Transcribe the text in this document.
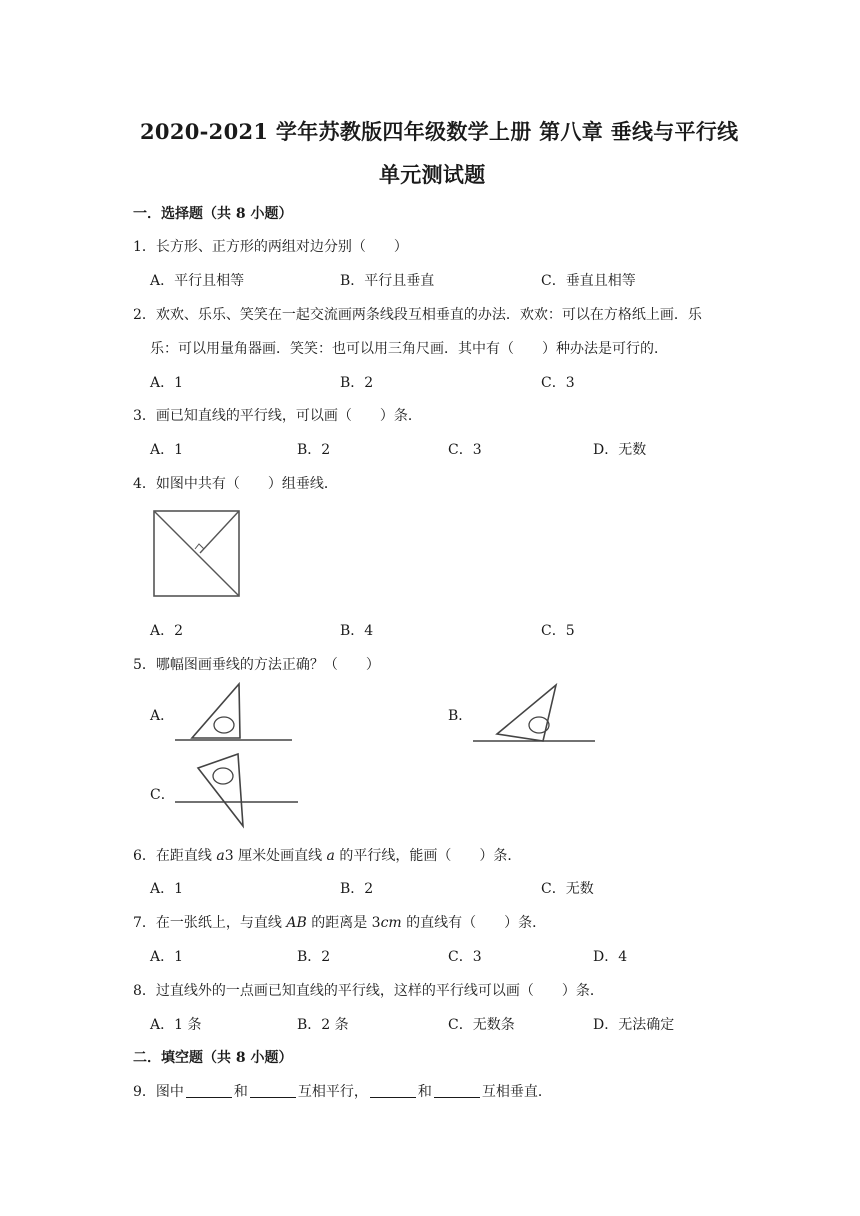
2020-2021 学年苏教版四年级数学上册 第八章 垂线与平行线
单元测试题
一．选择题（共 8 小题）
1．长方形、正方形的两组对边分别（　　）
A．平行且相等	B．平行且垂直	C．垂直且相等
2．欢欢、乐乐、笑笑在一起交流画两条线段互相垂直的办法．欢欢：可以在方格纸上画．乐
乐：可以用量角器画．笑笑：也可以用三角尺画．其中有（　　）种办法是可行的．
A．1	B．2	C．3
3．画已知直线的平行线，可以画（　　）条．
A．1	B．2	C．3	D．无数
4．如图中共有（　　）组垂线．
A．2	B．4	C．5
5．哪幅图画垂线的方法正确？（　　）
A．	B．
C．
6．在距直线 a3 厘米处画直线 a 的平行线，能画（　　）条．
A．1	B．2	C．无数
7．在一张纸上，与直线 AB 的距离是 3cm 的直线有（　　）条．
A．1	B．2	C．3	D．4
8．过直线外的一点画已知直线的平行线，这样的平行线可以画（　　）条．
A．1 条	B．2 条	C．无数条	D．无法确定
二．填空题（共 8 小题）
9．图中	和	互相平行，	和	互相垂直．
